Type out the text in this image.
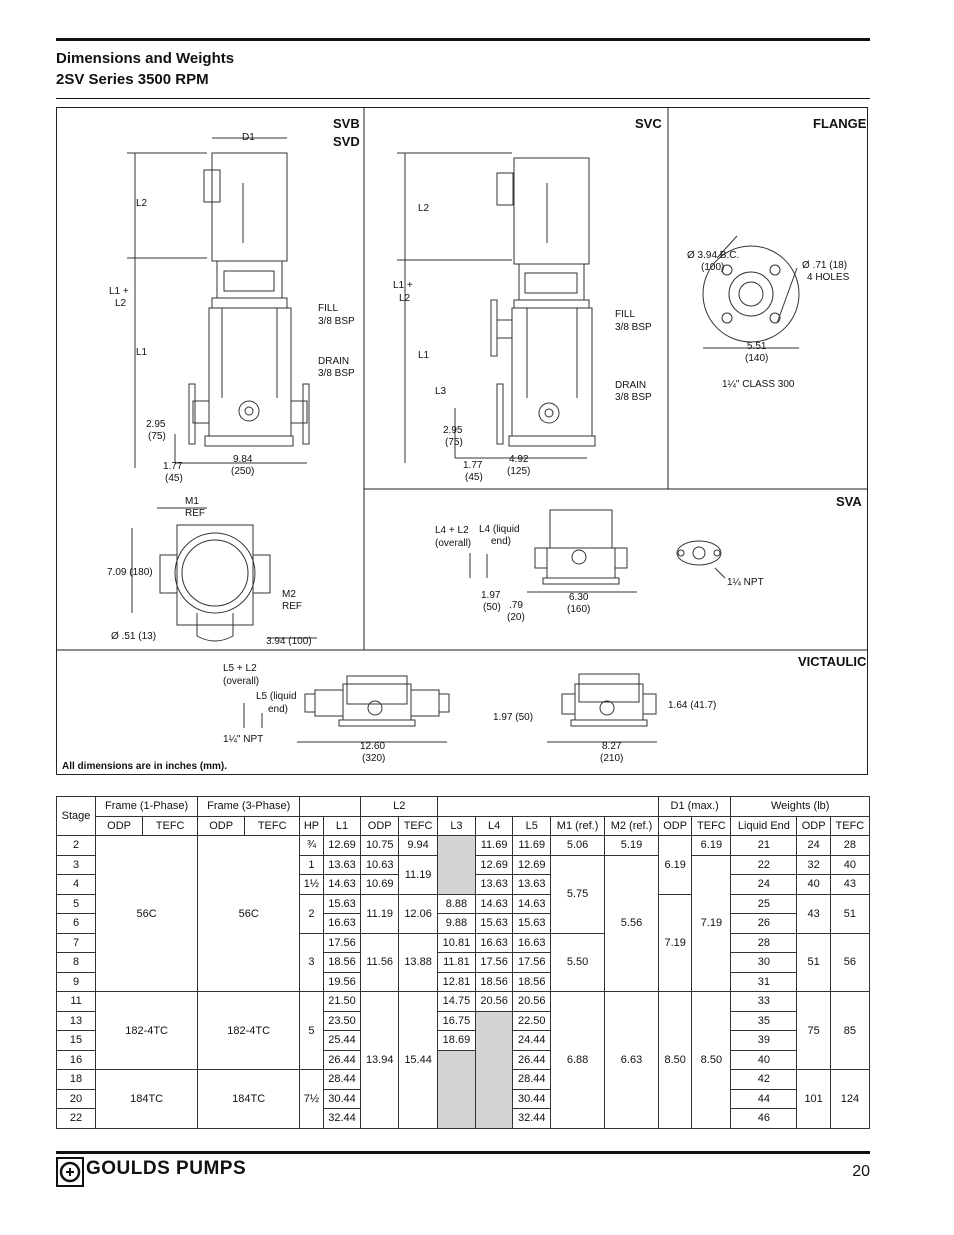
Dimensions and Weights
2SV Series 3500 RPM
SVB
SVD
SVC	FLANGE
SVA
VICTAULIC
D1
L2
L1 +
L2
L1
FILL
3/8 BSP
DRAIN
3/8 BSP
2.95
(75)
1.77
(45)
9.84
(250)
L2
L1 +
L2
L1
L3
FILL
3/8 BSP
DRAIN
3/8 BSP
2.95
(75)
1.77
(45)
4.92
(125)
Ø 3.94 B.C.
(100)	Ø .71 (18)
4 HOLES
5.51
(140)
1¼" CLASS 300
M1
REF
7.09 (180)
M2
REF
Ø .51 (13)	3.94 (100)
L4 + L2
(overall)
L4 (liquid
end)
1.97
(50) .79
(20)
6.30
(160)
1¼ NPT
L5 + L2
(overall)
L5 (liquid
end)
1¼" NPT
12.60
(320)
1.97 (50)
8.27
(210)
1.64 (41.7)
All dimensions are in inches (mm).
Stage	Frame (1-Phase)		Frame (3-Phase)				L2							D1 (max.)		Weights (lb)		
	ODP	TEFC	ODP	TEFC	HP	L1	ODP	TEFC	L3	L4	L5	M1 (ref.)	M2 (ref.)	ODP	TEFC	Liquid End	ODP	TEFC
2	56C		56C		¾	12.69	10.75	9.94		11.69	11.69	5.06	5.19	6.19	6.19	21	24	28
3					1	13.63	10.63	11.19		12.69	12.69	5.75	5.56		7.19	22	32	40
4					1½	14.63	10.69			13.63	13.63					24	40	43
5					2	15.63	11.19	12.06	8.88	14.63	14.63			7.19		25	43	51
6						16.63			9.88	15.63	15.63					26		
7					3	17.56	11.56	13.88	10.81	16.63	16.63	5.50				28	51	56
8						18.56			11.81	17.56	17.56					30		
9						19.56			12.81	18.56	18.56					31		
11	182-4TC		182-4TC		5	21.50	13.94	15.44	14.75	20.56	20.56	6.88	6.63	8.50	8.50	33	75	85
13						23.50			16.75		22.50					35		
15						25.44			18.69		24.44					39		
16						26.44					26.44					40		
18	184TC		184TC		7½	28.44					28.44					42	101	124
20						30.44					30.44					44		
22						32.44					32.44					46		
GOULDS PUMPS	20
